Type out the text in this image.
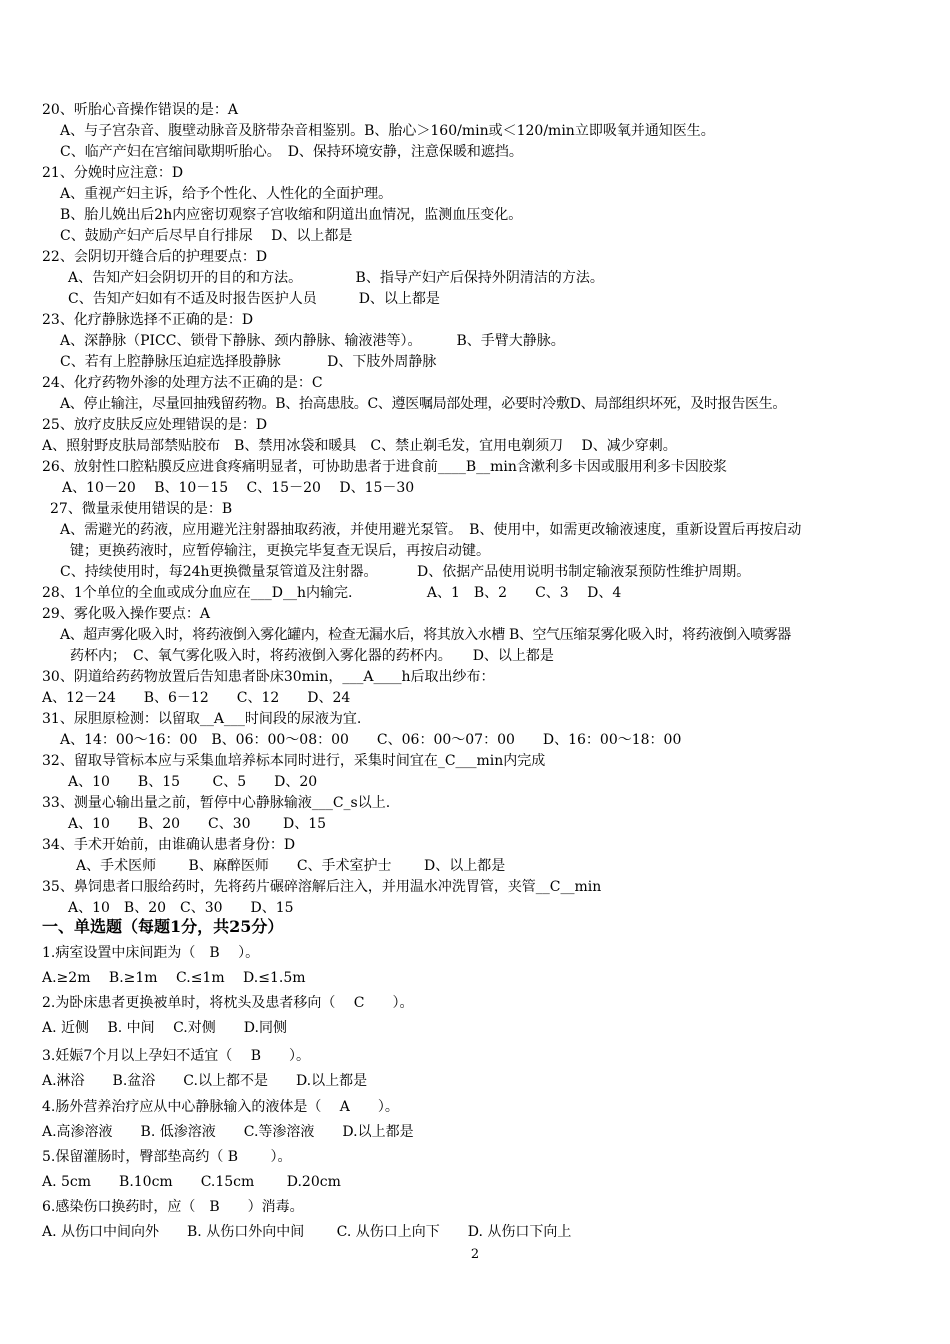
20、听胎心音操作错误的是：A
A、与子宫杂音、腹壁动脉音及脐带杂音相鉴别。B、胎心＞160/min或＜120/min立即吸氧并通知医生。
C、临产产妇在宫缩间歇期听胎心。　D、保持环境安静，注意保暖和遮挡。
21、分娩时应注意：D
A、重视产妇主诉，给予个性化、人性化的全面护理。
B、胎儿娩出后2h内应密切观察子宫收缩和阴道出血情况，监测血压变化。
C、鼓励产妇产后尽早自行排尿　 D、以上都是
22、会阴切开缝合后的护理要点：D
A、告知产妇会阴切开的目的和方法。　　　　 B、指导产妇产后保持外阴清洁的方法。
C、告知产妇如有不适及时报告医护人员　　　D、以上都是
23、化疗静脉选择不正确的是：D
A、深静脉（PICC、锁骨下静脉、颈内静脉、输液港等）。　　　B、手臂大静脉。
C、若有上腔静脉压迫症选择股静脉　　　 D、下肢外周静脉
24、化疗药物外渗的处理方法不正确的是：C
A、停止输注，尽量回抽残留药物。B、抬高患肢。C、遵医嘱局部处理，必要时冷敷D、局部组织坏死，及时报告医生。
25、放疗皮肤反应处理错误的是：D
A、照射野皮肤局部禁贴胶布　B、禁用冰袋和暖具　C、禁止剃毛发，宜用电剃须刀　 D、减少穿刺。
26、放射性口腔粘膜反应进食疼痛明显者，可协助患者于进食前____B__min含漱利多卡因或服用利多卡因胶浆
A、10－20　 B、10－15　 C、15－20　 D、15－30
27、微量汞使用错误的是：B
A、需避光的药液，应用避光注射器抽取药液，并使用避光泵管。　B、使用中，如需更改输液速度，重新设置后再按启动
键；更换药液时，应暂停输注，更换完毕复查无误后，再按启动键。
C、持续使用时，每24h更换微量泵管道及注射器。　　　 D、依据产品使用说明书制定输液泵预防性维护周期。
28、1个单位的全血或成分血应在___D__h内输完.　　　　　 A、1　B、2　　C、3　 D、4
29、雾化吸入操作要点：A
A、超声雾化吸入时，将药液倒入雾化罐内，检查无漏水后，将其放入水槽 B、空气压缩泵雾化吸入时，将药液倒入喷雾器
药杯内；　C、氧气雾化吸入时，将药液倒入雾化器的药杯内。　　D、以上都是
30、阴道给药药物放置后告知患者卧床30min，___A____h后取出纱布：
A、12－24　　B、6－12　　C、12　　D、24
31、尿胆原检测：以留取__A___时间段的尿液为宜.
A、14：00～16：00　B、06：00～08：00　　C、06：00～07：00　　D、16：00～18：00
32、留取导管标本应与采集血培养标本同时进行，采集时间宜在_C___min内完成
A、10　　B、15　　 C、5　　D、20
33、测量心输出量之前，暂停中心静脉输液___C_s以上.
A、10　　B、20　　C、30　　 D、15
34、手术开始前，由谁确认患者身份：D
A、手术医师　　 B、麻醉医师　　C、手术室护士　　 D、以上都是
35、鼻饲患者口服给药时，先将药片碾碎溶解后注入，并用温水冲洗胃管，夹管__C__min
A、10　B、20　C、30　　D、15
一、单选题（每题1分，共25分）
1.病室设置中床间距为（　B　 ）。
A.≥2m　 B.≥1m　 C.≤1m　 D.≤1.5m
2.为卧床患者更换被单时，将枕头及患者移向（　 C　　）。
A. 近侧　 B. 中间　 C.对侧　　D.同侧
3.妊娠7个月以上孕妇不适宜（　 B　　）。
A.淋浴　　B.盆浴　　C.以上都不是　　D.以上都是
4.肠外营养治疗应从中心静脉输入的液体是（　 A　　）。
A.高渗溶液　　B. 低渗溶液　　C.等渗溶液　　D.以上都是
5.保留灌肠时，臀部垫高约（ B　　 ）。
A. 5cm　　B.10cm　　C.15cm　　 D.20cm
6.感染伤口换药时，应（　B　　）消毒。
A. 从伤口中间向外　　B. 从伤口外向中间　　 C. 从伤口上向下　　D. 从伤口下向上
2
